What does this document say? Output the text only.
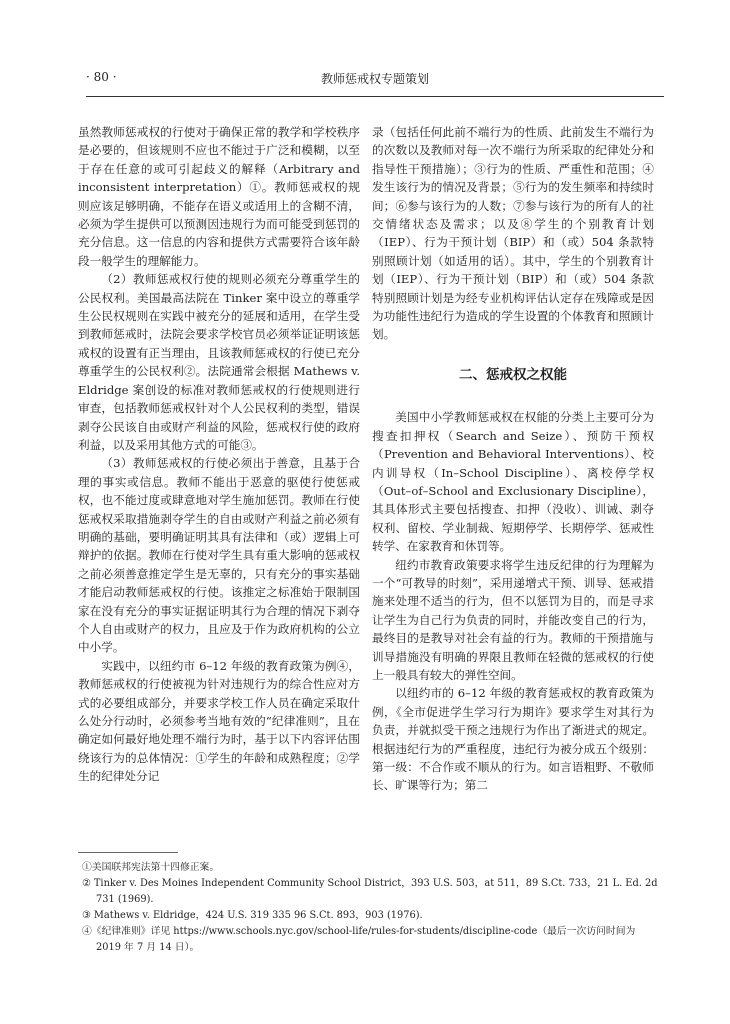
· 80 ·	教师惩戒权专题策划

虽然教师惩戒权的行使对于确保正常的教学和学校秩序是必要的，但该规则不应也不能过于广泛和模糊，以至于存在任意的或可引起歧义的解释（Arbitrary and inconsistent interpretation）①。教师惩戒权的规则应该足够明确，不能存在语义或适用上的含糊不清，必须为学生提供可以预测因违规行为而可能受到惩罚的充分信息。这一信息的内容和提供方式需要符合该年龄段一般学生的理解能力。

（2）教师惩戒权行使的规则必须充分尊重学生的公民权利。美国最高法院在 Tinker 案中设立的尊重学生公民权规则在实践中被充分的延展和适用，在学生受到教师惩戒时，法院会要求学校官员必须举证证明该惩戒权的设置有正当理由，且该教师惩戒权的行使已充分尊重学生的公民权利②。法院通常会根据 Mathews v. Eldridge 案创设的标准对教师惩戒权的行使规则进行审查，包括教师惩戒权针对个人公民权利的类型，错误剥夺公民该自由或财产利益的风险，惩戒权行使的政府利益，以及采用其他方式的可能③。

（3）教师惩戒权的行使必须出于善意，且基于合理的事实或信息。教师不能出于恶意的驱使行使惩戒权，也不能过度或肆意地对学生施加惩罚。教师在行使惩戒权采取措施剥夺学生的自由或财产利益之前必须有明确的基础，要明确证明其具有法律和（或）逻辑上可辩护的依据。教师在行使对学生具有重大影响的惩戒权之前必须善意推定学生是无辜的，只有充分的事实基础才能启动教师惩戒权的行使。该推定之标准始于限制国家在没有充分的事实证据证明其行为合理的情况下剥夺个人自由或财产的权力，且应及于作为政府机构的公立中小学。

实践中，以纽约市 6–12 年级的教育政策为例④，教师惩戒权的行使被视为针对违规行为的综合性应对方式的必要组成部分，并要求学校工作人员在确定采取什么处分行动时，必须参考当地有效的“纪律准则”，且在确定如何最好地处理不端行为时，基于以下内容评估围绕该行为的总体情况：①学生的年龄和成熟程度；②学生的纪律处分记

录（包括任何此前不端行为的性质、此前发生不端行为的次数以及教师对每一次不端行为所采取的纪律处分和指导性干预措施）；③行为的性质、严重性和范围；④发生该行为的情况及背景；⑤行为的发生频率和持续时间；⑥参与该行为的人数；⑦参与该行为的所有人的社交情绪状态及需求；以及⑧学生的个别教育计划（IEP）、行为干预计划（BIP）和（或）504 条款特别照顾计划（如适用的话）。其中，学生的个别教育计划（IEP）、行为干预计划（BIP）和（或）504 条款特别照顾计划是为经专业机构评估认定存在残障或是因为功能性违纪行为造成的学生设置的个体教育和照顾计划。

二、惩戒权之权能

美国中小学教师惩戒权在权能的分类上主要可分为搜查扣押权（Search and Seize）、预防干预权（Prevention and Behavioral Interventions）、校内训导权（In–School Discipline）、离校停学权（Out–of–School and Exclusionary Discipline），其具体形式主要包括搜查、扣押（没收）、训诫、剥夺权利、留校、学业制裁、短期停学、长期停学、惩戒性转学、在家教育和休罚等。

纽约市教育政策要求将学生违反纪律的行为理解为一个“可教导的时刻”，采用递增式干预、训导、惩戒措施来处理不适当的行为，但不以惩罚为目的，而是寻求让学生为自己行为负责的同时，并能改变自己的行为，最终目的是教导对社会有益的行为。教师的干预措施与训导措施没有明确的界限且教师在轻微的惩戒权的行使上一般具有较大的弹性空间。

以纽约市的 6–12 年级的教育惩戒权的教育政策为例，《全市促进学生学习行为期许》要求学生对其行为负责，并就拟受干预之违规行为作出了渐进式的规定。根据违纪行为的严重程度，违纪行为被分成五个级别：第一级：不合作或不顺从的行为。如言语粗野、不敬师长、旷课等行为；第二

①美国联邦宪法第十四修正案。
② Tinker v. Des Moines Independent Community School District，393 U.S. 503，at 511，89 S.Ct. 733，21 L. Ed. 2d 731 (1969).
③ Mathews v. Eldridge，424 U.S. 319 335 96 S.Ct. 893，903 (1976).
④《纪律准则》详见 https://www.schools.nyc.gov/school-life/rules-for-students/discipline-code（最后一次访问时间为 2019 年 7 月 14 日）。
